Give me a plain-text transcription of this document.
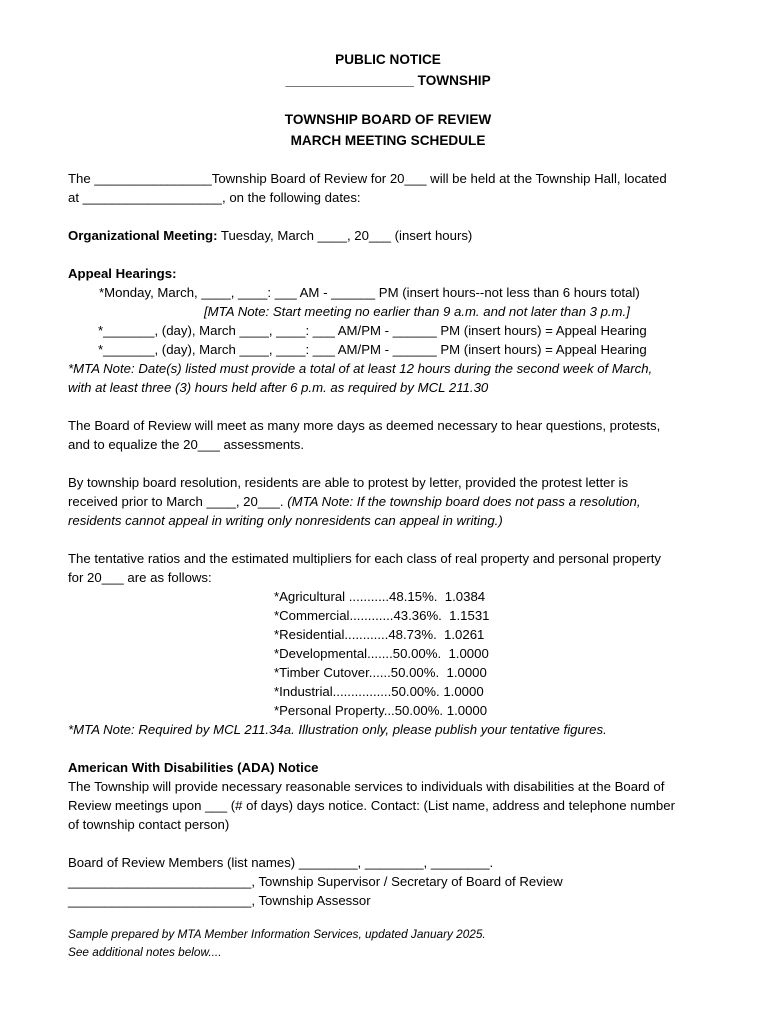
PUBLIC NOTICE
_________________ TOWNSHIP
TOWNSHIP BOARD OF REVIEW
MARCH MEETING SCHEDULE

The ________________Township Board of Review for 20___ will be held at the Township Hall, located
at ___________________, on the following dates:

Organizational Meeting: Tuesday, March ____, 20___ (insert hours)

Appeal Hearings:
*Monday, March, ____, ____: ___ AM - ______ PM (insert hours--not less than 6 hours total)
[MTA Note: Start meeting no earlier than 9 a.m. and not later than 3 p.m.]
*_______, (day), March ____, ____: ___ AM/PM - ______ PM (insert hours) = Appeal Hearing
*_______, (day), March ____, ____: ___ AM/PM - ______ PM (insert hours) = Appeal Hearing
*MTA Note: Date(s) listed must provide a total of at least 12 hours during the second week of March,
with at least three (3) hours held after 6 p.m. as required by MCL 211.30

The Board of Review will meet as many more days as deemed necessary to hear questions, protests,
and to equalize the 20___ assessments.

By township board resolution, residents are able to protest by letter, provided the protest letter is
received prior to March ____, 20___. (MTA Note: If the township board does not pass a resolution,
residents cannot appeal in writing only nonresidents can appeal in writing.)

The tentative ratios and the estimated multipliers for each class of real property and personal property
for 20___ are as follows:
*Agricultural ...........48.15%.  1.0384
*Commercial............43.36%.  1.1531
*Residential............48.73%.  1.0261
*Developmental.......50.00%.  1.0000
*Timber Cutover......50.00%.  1.0000
*Industrial................50.00%. 1.0000
*Personal Property...50.00%. 1.0000
*MTA Note: Required by MCL 211.34a. Illustration only, please publish your tentative figures.
American With Disabilities (ADA) Notice
The Township will provide necessary reasonable services to individuals with disabilities at the Board of
Review meetings upon ___ (# of days) days notice. Contact: (List name, address and telephone number
of township contact person)
Board of Review Members (list names) ________, ________, ________.
_________________________, Township Supervisor / Secretary of Board of Review
_________________________, Township Assessor
Sample prepared by MTA Member Information Services, updated January 2025.
See additional notes below....
